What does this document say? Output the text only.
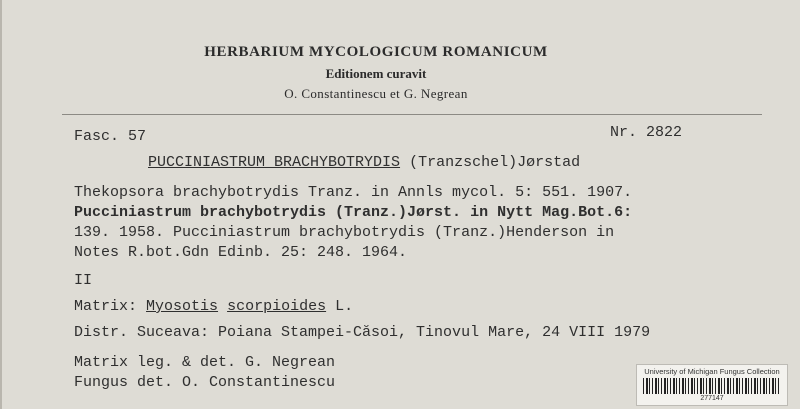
HERBARIUM MYCOLOGICUM ROMANICUM
Editionem curavit
O. Constantinescu et G. Negrean
Fasc. 57	Nr. 2822
PUCCINIASTRUM BRACHYBOTRYDIS (Tranzschel)Jørstad
Thekopsora brachybotrydis Tranz. in Annls mycol. 5: 551. 1907.
Pucciniastrum brachybotrydis (Tranz.)Jørst. in Nytt Mag.Bot.6:
139. 1958. Pucciniastrum brachybotrydis (Tranz.)Henderson in
Notes R.bot.Gdn Edinb. 25: 248. 1964.
II
Matrix: Myosotis scorpioides L.
Distr. Suceava: Poiana Stampei-Căsoi, Tinovul Mare, 24 VIII 1979
Matrix leg. & det. G. Negrean
Fungus det. O. Constantinescu
University of Michigan Fungus Collection
277147
